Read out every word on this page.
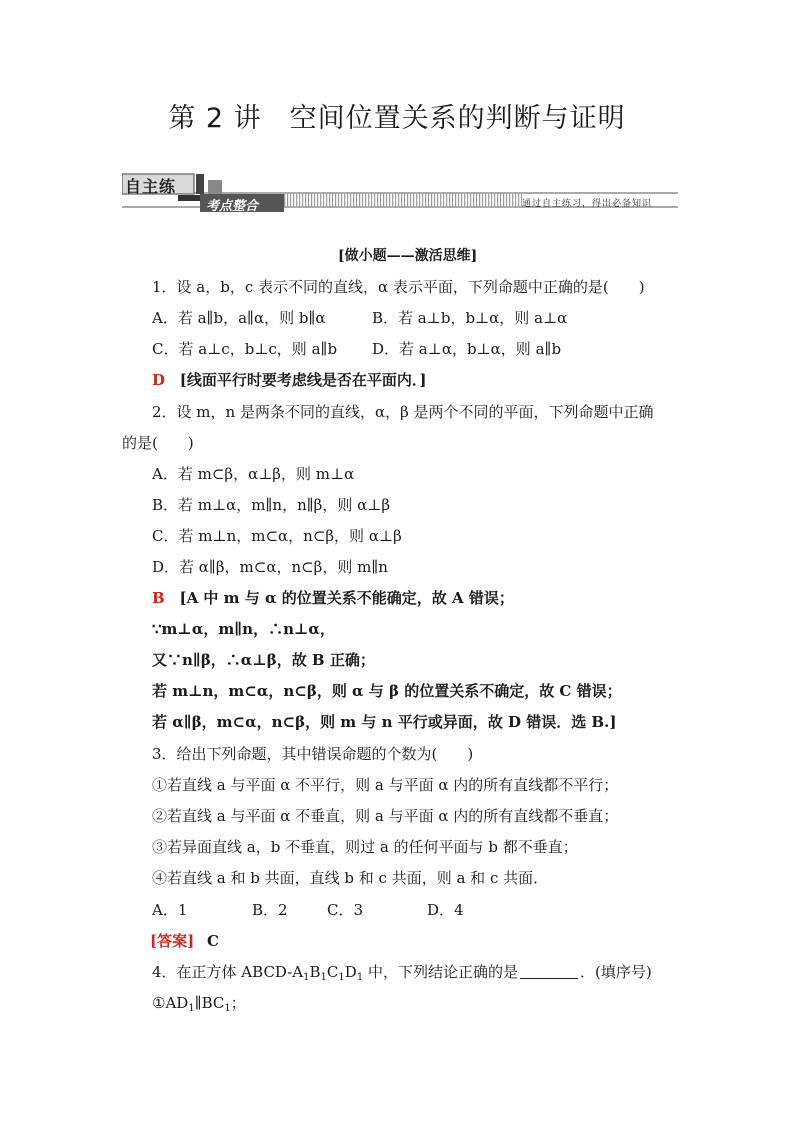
第 2 讲　空间位置关系的判断与证明
自主练
考点整合	通过自主练习，得出必备知识
[做小题——激活思维]
1．设 a，b，c 表示不同的直线，α 表示平面，下列命题中正确的是(　　)
A．若 a∥b，a∥α，则 b∥α	B．若 a⊥b，b⊥α，则 a⊥α
C．若 a⊥c，b⊥c，则 a∥b D．若 a⊥α，b⊥α，则 a∥b
D [线面平行时要考虑线是否在平面内．]
2．设 m，n 是两条不同的直线，α，β 是两个不同的平面，下列命题中正确
的是(　　)
A．若 m⊂β，α⊥β，则 m⊥α
B．若 m⊥α，m∥n，n∥β，则 α⊥β
C．若 m⊥n，m⊂α，n⊂β，则 α⊥β
D．若 α∥β，m⊂α，n⊂β，则 m∥n
B [A 中 m 与 α 的位置关系不能确定，故 A 错误；
∵m⊥α，m∥n，∴n⊥α，
又∵n∥β，∴α⊥β，故 B 正确；
若 m⊥n，m⊂α，n⊂β，则 α 与 β 的位置关系不确定，故 C 错误；
若 α∥β，m⊂α，n⊂β，则 m 与 n 平行或异面，故 D 错误．选 B.]
3．给出下列命题，其中错误命题的个数为(　　)
①若直线 a 与平面 α 不平行，则 a 与平面 α 内的所有直线都不平行；
②若直线 a 与平面 α 不垂直，则 a 与平面 α 内的所有直线都不垂直；
③若异面直线 a，b 不垂直，则过 a 的任何平面与 b 都不垂直；
④若直线 a 和 b 共面，直线 b 和 c 共面，则 a 和 c 共面．
A．1	B．2	C．3	D．4
[答案] C
4．在正方体 ABCD-$A_1B_1C_1D_1$ 中，下列结论正确的是	．(填序号)
$①AD_1\parallel BC_1$；
